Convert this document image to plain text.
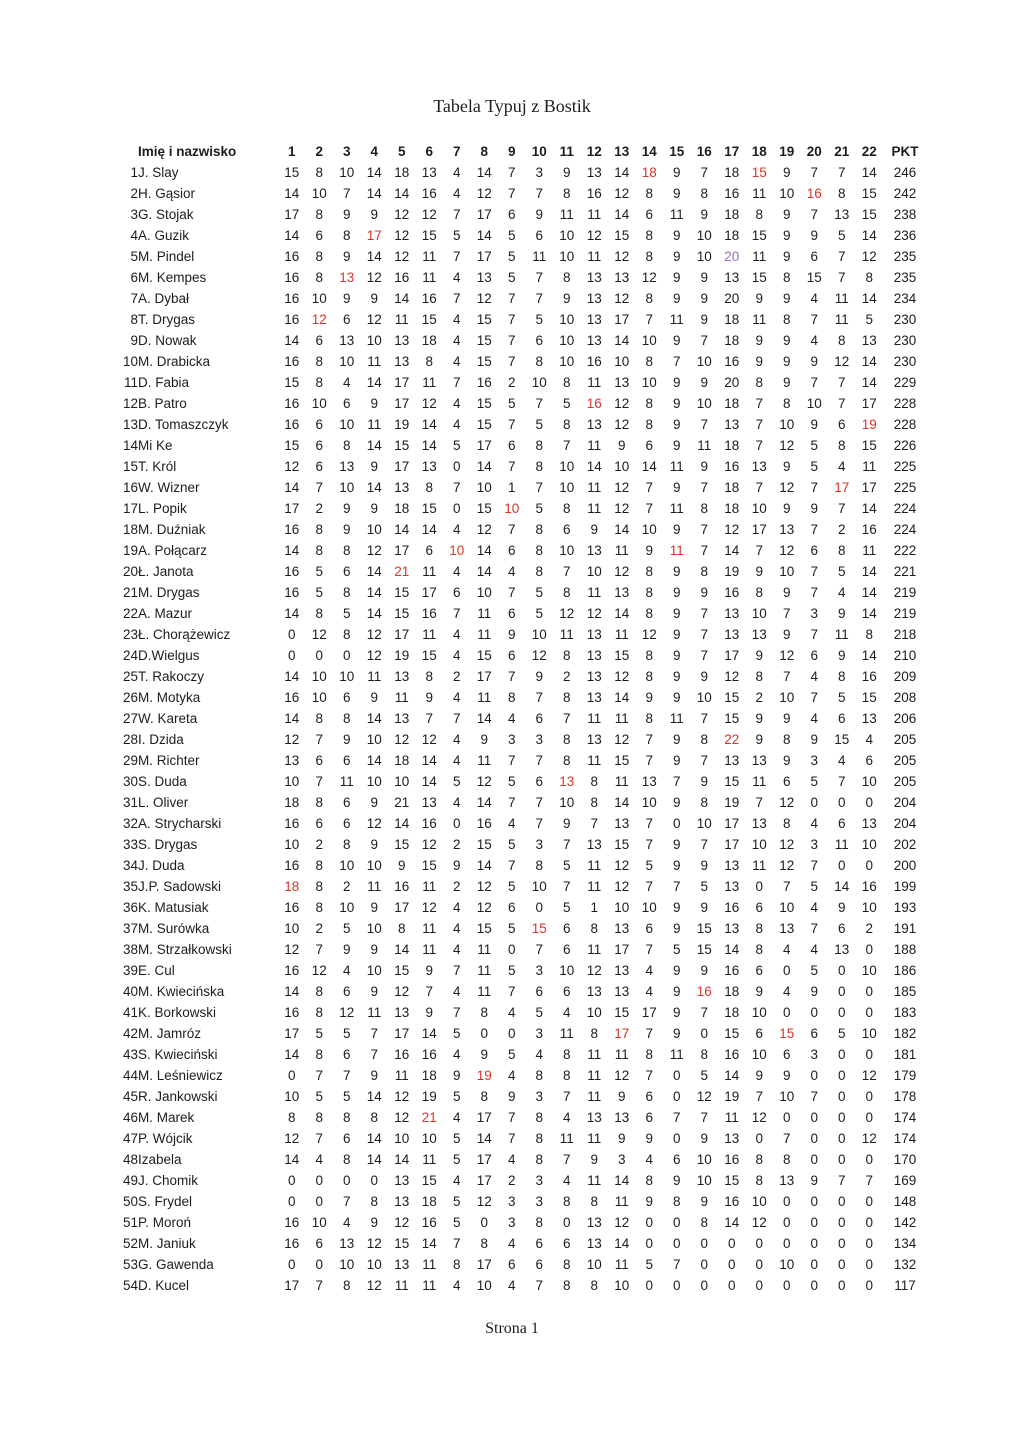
Tabela Typuj z Bostik
	Imię i nazwisko	1	2	3	4	5	6	7	8	9	10	11	12	13	14	15	16	17	18	19	20	21	22	PKT
1	J. Slay	15	8	10	14	18	13	4	14	7	3	9	13	14	18	9	7	18	15	9	7	7	14	246
2	H. Gąsior	14	10	7	14	14	16	4	12	7	7	8	16	12	8	9	8	16	11	10	16	8	15	242
3	G. Stojak	17	8	9	9	12	12	7	17	6	9	11	11	14	6	11	9	18	8	9	7	13	15	238
4	A. Guzik	14	6	8	17	12	15	5	14	5	6	10	12	15	8	9	10	18	15	9	9	5	14	236
5	M. Pindel	16	8	9	14	12	11	7	17	5	11	10	11	12	8	9	10	20	11	9	6	7	12	235
6	M. Kempes	16	8	13	12	16	11	4	13	5	7	8	13	13	12	9	9	13	15	8	15	7	8	235
7	A. Dybał	16	10	9	9	14	16	7	12	7	7	9	13	12	8	9	9	20	9	9	4	11	14	234
8	T. Drygas	16	12	6	12	11	15	4	15	7	5	10	13	17	7	11	9	18	11	8	7	11	5	230
9	D. Nowak	14	6	13	10	13	18	4	15	7	6	10	13	14	10	9	7	18	9	9	4	8	13	230
10	M. Drabicka	16	8	10	11	13	8	4	15	7	8	10	16	10	8	7	10	16	9	9	9	12	14	230
11	D. Fabia	15	8	4	14	17	11	7	16	2	10	8	11	13	10	9	9	20	8	9	7	7	14	229
12	B. Patro	16	10	6	9	17	12	4	15	5	7	5	16	12	8	9	10	18	7	8	10	7	17	228
13	D. Tomaszczyk	16	6	10	11	19	14	4	15	7	5	8	13	12	8	9	7	13	7	10	9	6	19	228
14	Mi Ke	15	6	8	14	15	14	5	17	6	8	7	11	9	6	9	11	18	7	12	5	8	15	226
15	T. Król	12	6	13	9	17	13	0	14	7	8	10	14	10	14	11	9	16	13	9	5	4	11	225
16	W. Wizner	14	7	10	14	13	8	7	10	1	7	10	11	12	7	9	7	18	7	12	7	17	17	225
17	L. Popik	17	2	9	9	18	15	0	15	10	5	8	11	12	7	11	8	18	10	9	9	7	14	224
18	M. Duźniak	16	8	9	10	14	14	4	12	7	8	6	9	14	10	9	7	12	17	13	7	2	16	224
19	A. Połącarz	14	8	8	12	17	6	10	14	6	8	10	13	11	9	11	7	14	7	12	6	8	11	222
20	Ł. Janota	16	5	6	14	21	11	4	14	4	8	7	10	12	8	9	8	19	9	10	7	5	14	221
21	M. Drygas	16	5	8	14	15	17	6	10	7	5	8	11	13	8	9	9	16	8	9	7	4	14	219
22	A. Mazur	14	8	5	14	15	16	7	11	6	5	12	12	14	8	9	7	13	10	7	3	9	14	219
23	Ł. Chorążewicz	0	12	8	12	17	11	4	11	9	10	11	13	11	12	9	7	13	13	9	7	11	8	218
24	D.Wielgus	0	0	0	12	19	15	4	15	6	12	8	13	15	8	9	7	17	9	12	6	9	14	210
25	T. Rakoczy	14	10	10	11	13	8	2	17	7	9	2	13	12	8	9	9	12	8	7	4	8	16	209
26	M. Motyka	16	10	6	9	11	9	4	11	8	7	8	13	14	9	9	10	15	2	10	7	5	15	208
27	W. Kareta	14	8	8	14	13	7	7	14	4	6	7	11	11	8	11	7	15	9	9	4	6	13	206
28	I. Dzida	12	7	9	10	12	12	4	9	3	3	8	13	12	7	9	8	22	9	8	9	15	4	205
29	M. Richter	13	6	6	14	18	14	4	11	7	7	8	11	15	7	9	7	13	13	9	3	4	6	205
30	S. Duda	10	7	11	10	10	14	5	12	5	6	13	8	11	13	7	9	15	11	6	5	7	10	205
31	L. Oliver	18	8	6	9	21	13	4	14	7	7	10	8	14	10	9	8	19	7	12	0	0	0	204
32	A. Strycharski	16	6	6	12	14	16	0	16	4	7	9	7	13	7	0	10	17	13	8	4	6	13	204
33	S. Drygas	10	2	8	9	15	12	2	15	5	3	7	13	15	7	9	7	17	10	12	3	11	10	202
34	J. Duda	16	8	10	10	9	15	9	14	7	8	5	11	12	5	9	9	13	11	12	7	0	0	200
35	J.P. Sadowski	18	8	2	11	16	11	2	12	5	10	7	11	12	7	7	5	13	0	7	5	14	16	199
36	K. Matusiak	16	8	10	9	17	12	4	12	6	0	5	1	10	10	9	9	16	6	10	4	9	10	193
37	M. Surówka	10	2	5	10	8	11	4	15	5	15	6	8	13	6	9	15	13	8	13	7	6	2	191
38	M. Strzałkowski	12	7	9	9	14	11	4	11	0	7	6	11	17	7	5	15	14	8	4	4	13	0	188
39	E. Cul	16	12	4	10	15	9	7	11	5	3	10	12	13	4	9	9	16	6	0	5	0	10	186
40	M. Kwiecińska	14	8	6	9	12	7	4	11	7	6	6	13	13	4	9	16	18	9	4	9	0	0	185
41	K. Borkowski	16	8	12	11	13	9	7	8	4	5	4	10	15	17	9	7	18	10	0	0	0	0	183
42	M. Jamróz	17	5	5	7	17	14	5	0	0	3	11	8	17	7	9	0	15	6	15	6	5	10	182
43	S. Kwieciński	14	8	6	7	16	16	4	9	5	4	8	11	11	8	11	8	16	10	6	3	0	0	181
44	M. Leśniewicz	0	7	7	9	11	18	9	19	4	8	8	11	12	7	0	5	14	9	9	0	0	12	179
45	R. Jankowski	10	5	5	14	12	19	5	8	9	3	7	11	9	6	0	12	19	7	10	7	0	0	178
46	M. Marek	8	8	8	8	12	21	4	17	7	8	4	13	13	6	7	7	11	12	0	0	0	0	174
47	P. Wójcik	12	7	6	14	10	10	5	14	7	8	11	11	9	9	0	9	13	0	7	0	0	12	174
48	Izabela	14	4	8	14	14	11	5	17	4	8	7	9	3	4	6	10	16	8	8	0	0	0	170
49	J. Chomik	0	0	0	0	13	15	4	17	2	3	4	11	14	8	9	10	15	8	13	9	7	7	169
50	S. Frydel	0	0	7	8	13	18	5	12	3	3	8	8	11	9	8	9	16	10	0	0	0	0	148
51	P. Moroń	16	10	4	9	12	16	5	0	3	8	0	13	12	0	0	8	14	12	0	0	0	0	142
52	M. Janiuk	16	6	13	12	15	14	7	8	4	6	6	13	14	0	0	0	0	0	0	0	0	0	134
53	G. Gawenda	0	0	10	10	13	11	8	17	6	6	8	10	11	5	7	0	0	0	10	0	0	0	132
54	D. Kucel	17	7	8	12	11	11	4	10	4	7	8	8	10	0	0	0	0	0	0	0	0	0	117
Strona 1
